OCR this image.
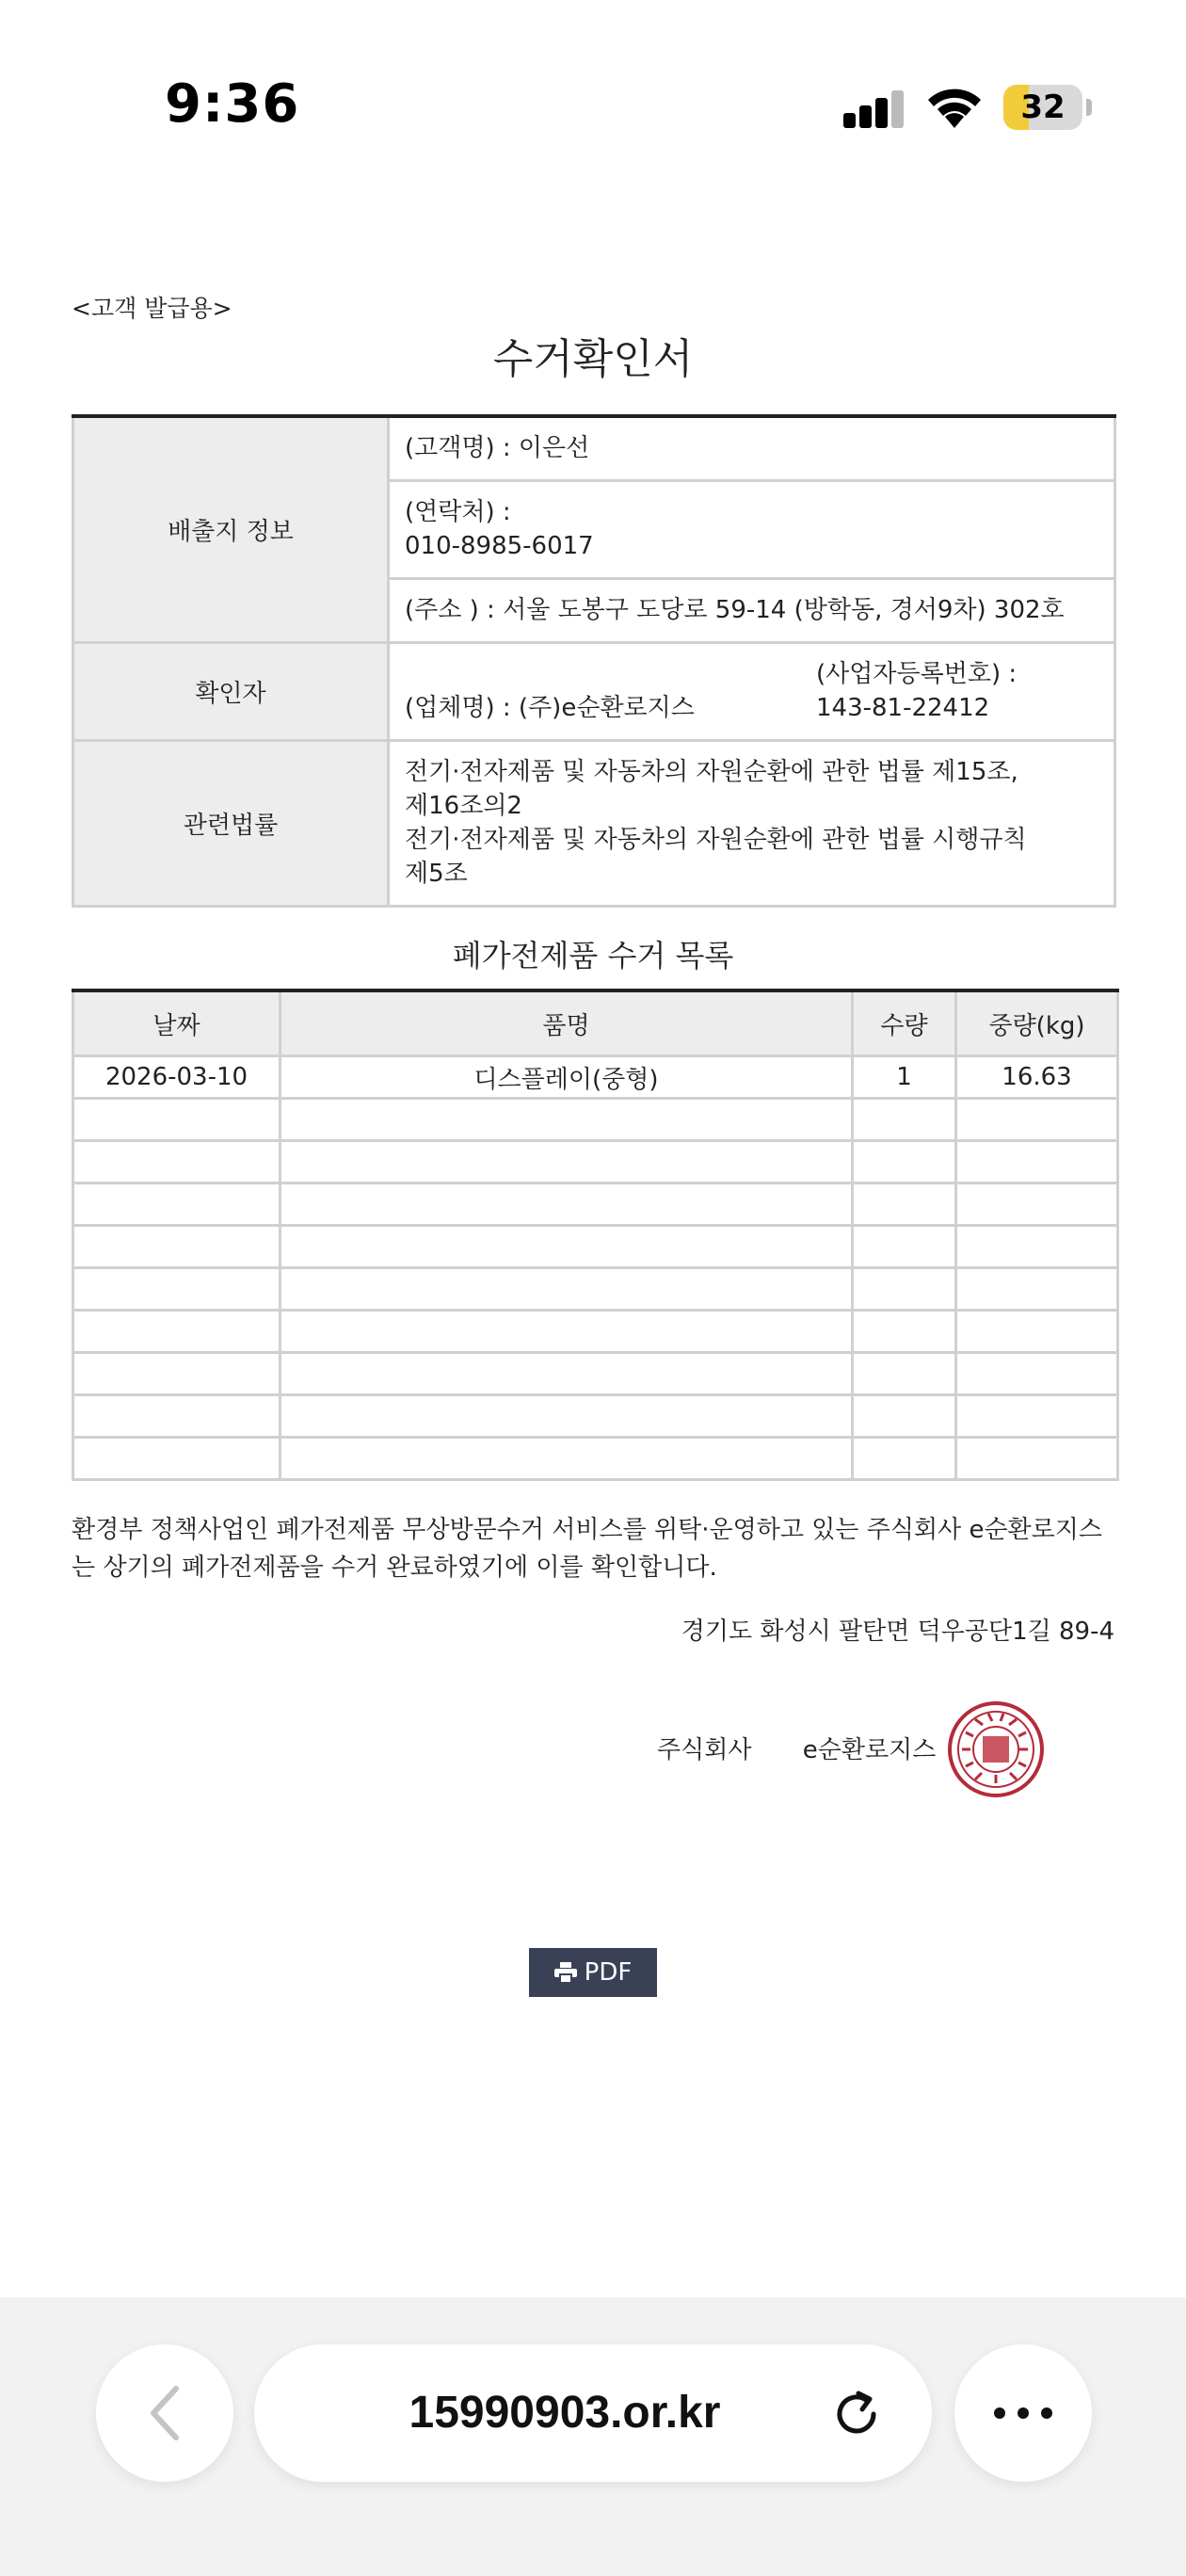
9:36	32
<고객 발급용>
수거확인서
배출지 정보	(고객명) : 이은선

	(연락처) :
010-8985-6017

	(주소 ) : 서울 도봉구 도당로 59-14 (방학동, 경서9차) 302호
확인자	(업체명) : (주)e순환로지스
(사업자등록번호) :
143-81-22412

관련법률	전기·전자제품 및 자동차의 자원순환에 관한 법률 제15조,
제16조의2
전기·전자제품 및 자동차의 자원순환에 관한 법률 시행규칙
제5조
폐가전제품 수거 목록
날짜	품명	수량	중량(kg)
2026-03-10	디스플레이(중형)	1	16.63

환경부 정책사업인 폐가전제품 무상방문수거 서비스를 위탁·운영하고 있는 주식회사 e순환로지스는 상기의 폐가전제품을 수거 완료하였기에 이를 확인합니다.
경기도 화성시 팔탄면 덕우공단1길 89-4
주식회사 e순환로지스
PDF
15990903.or.kr
